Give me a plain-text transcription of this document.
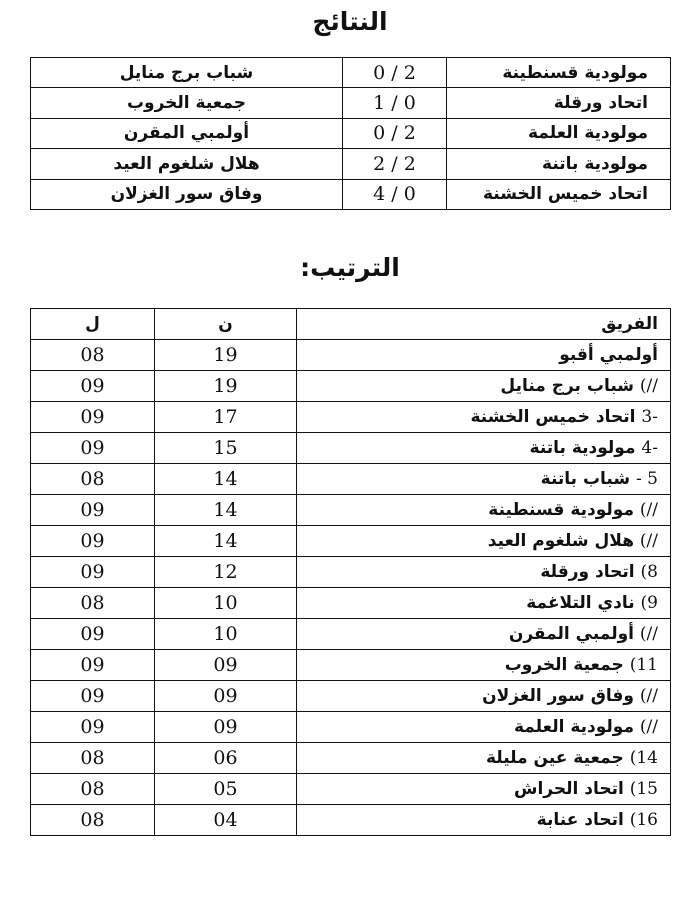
النتائج
مولودية قسنطينة	2 / 0	شباب برج منايل
اتحاد ورقلة	0 / 1	جمعية الخروب
مولودية العلمة	2 / 0	أولمبي المقرن
مولودية باتنة	2 / 2	هلال شلغوم العيد
اتحاد خميس الخشنة	0 / 4	وفاق سور الغزلان
الترتيب:
الفريق	ن	ل
أولمبي أقبو	19	08
//) شباب برج منايل	19	09
-3 اتحاد خميس الخشنة	17	09
-4 مولودية باتنة	15	09
5 - شباب باتنة	14	08
//) مولودية قسنطينة	14	09
//) هلال شلغوم العيد	14	09
8) اتحاد ورقلة	12	09
9) نادي التلاغمة	10	08
//) أولمبي المقرن	10	09
11) جمعية الخروب	09	09
//) وفاق سور الغزلان	09	09
//) مولودية العلمة	09	09
14) جمعية عين مليلة	06	08
15) اتحاد الحراش	05	08
16) اتحاد عنابة	04	08
